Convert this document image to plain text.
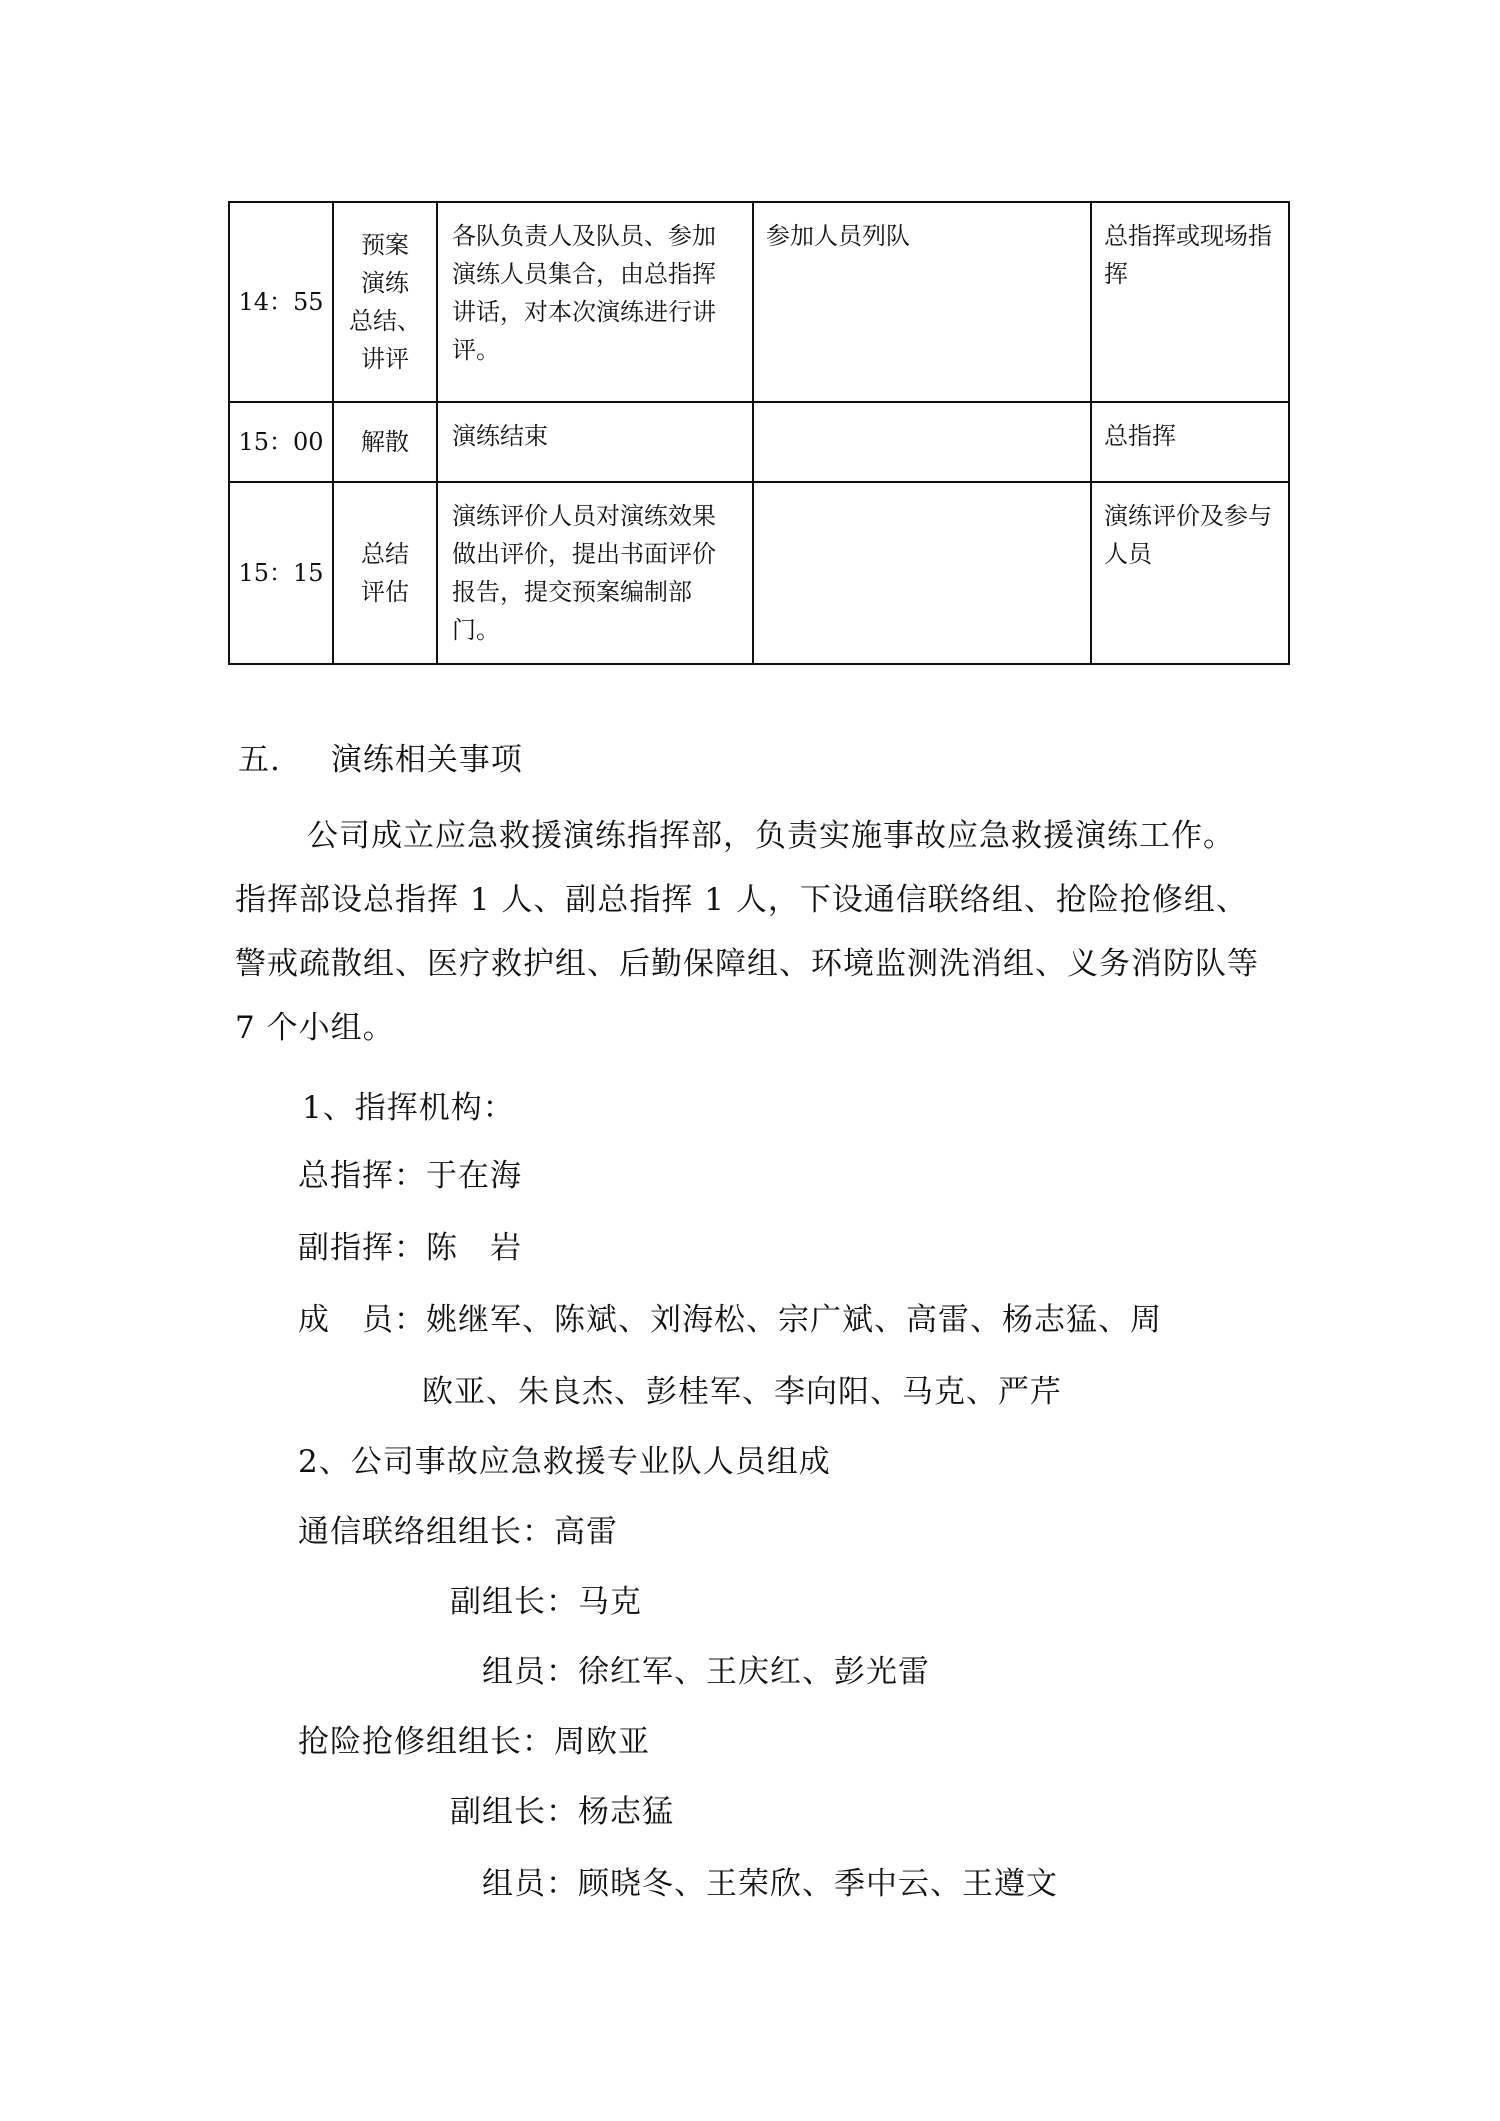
14：55	预案
演练
总结、
讲评	各队负责人及队员、参加演练人员集合，由总指挥讲话，对本次演练进行讲评。	参加人员列队	总指挥或现场指挥
15：00	解散	演练结束		总指挥
15：15	总结
评估	演练评价人员对演练效果做出评价，提出书面评价报告，提交预案编制部门。		演练评价及参与人员
五. 演练相关事项
公司成立应急救援演练指挥部，负责实施事故应急救援演练工作。指挥部设总指挥 1 人、副总指挥 1 人，下设通信联络组、抢险抢修组、警戒疏散组、医疗救护组、后勤保障组、环境监测洗消组、义务消防队等 7 个小组。
1、指挥机构：
总指挥：于在海
副指挥：陈　岩
成　员：姚继军、陈斌、刘海松、宗广斌、高雷、杨志猛、周
欧亚、朱良杰、彭桂军、李向阳、马克、严芹
2、公司事故应急救援专业队人员组成
通信联络组组长：高雷
副组长：马克
组员：徐红军、王庆红、彭光雷
抢险抢修组组长：周欧亚
副组长：杨志猛
组员：顾晓冬、王荣欣、季中云、王遵文
